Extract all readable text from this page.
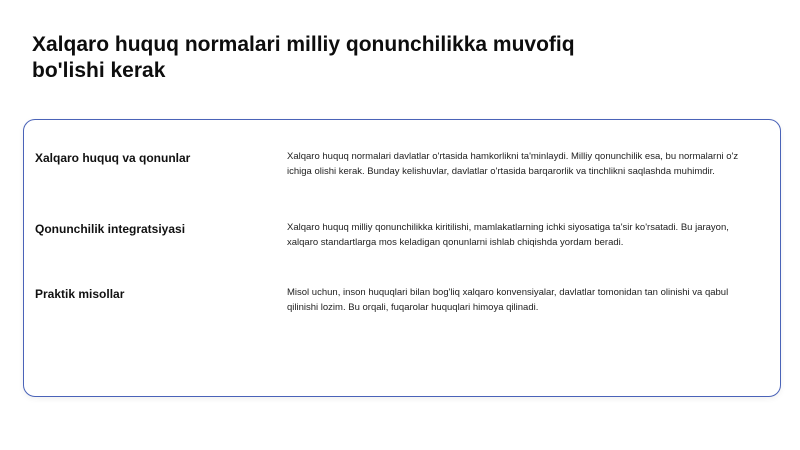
Xalqaro huquq normalari milliy qonunchilikka muvofiq bo'lishi kerak
Xalqaro huquq va qonunlar	Xalqaro huquq normalari davlatlar o'rtasida hamkorlikni ta'minlaydi. Milliy qonunchilik esa, bu normalarni o'z ichiga olishi kerak. Bunday kelishuvlar, davlatlar o'rtasida barqarorlik va tinchlikni saqlashda muhimdir.

Qonunchilik integratsiyasi	Xalqaro huquq milliy qonunchilikka kiritilishi, mamlakatlarning ichki siyosatiga ta'sir ko'rsatadi. Bu jarayon, xalqaro standartlarga mos keladigan qonunlarni ishlab chiqishda yordam beradi.

Praktik misollar	Misol uchun, inson huquqlari bilan bog'liq xalqaro konvensiyalar, davlatlar tomonidan tan olinishi va qabul qilinishi lozim. Bu orqali, fuqarolar huquqlari himoya qilinadi.
